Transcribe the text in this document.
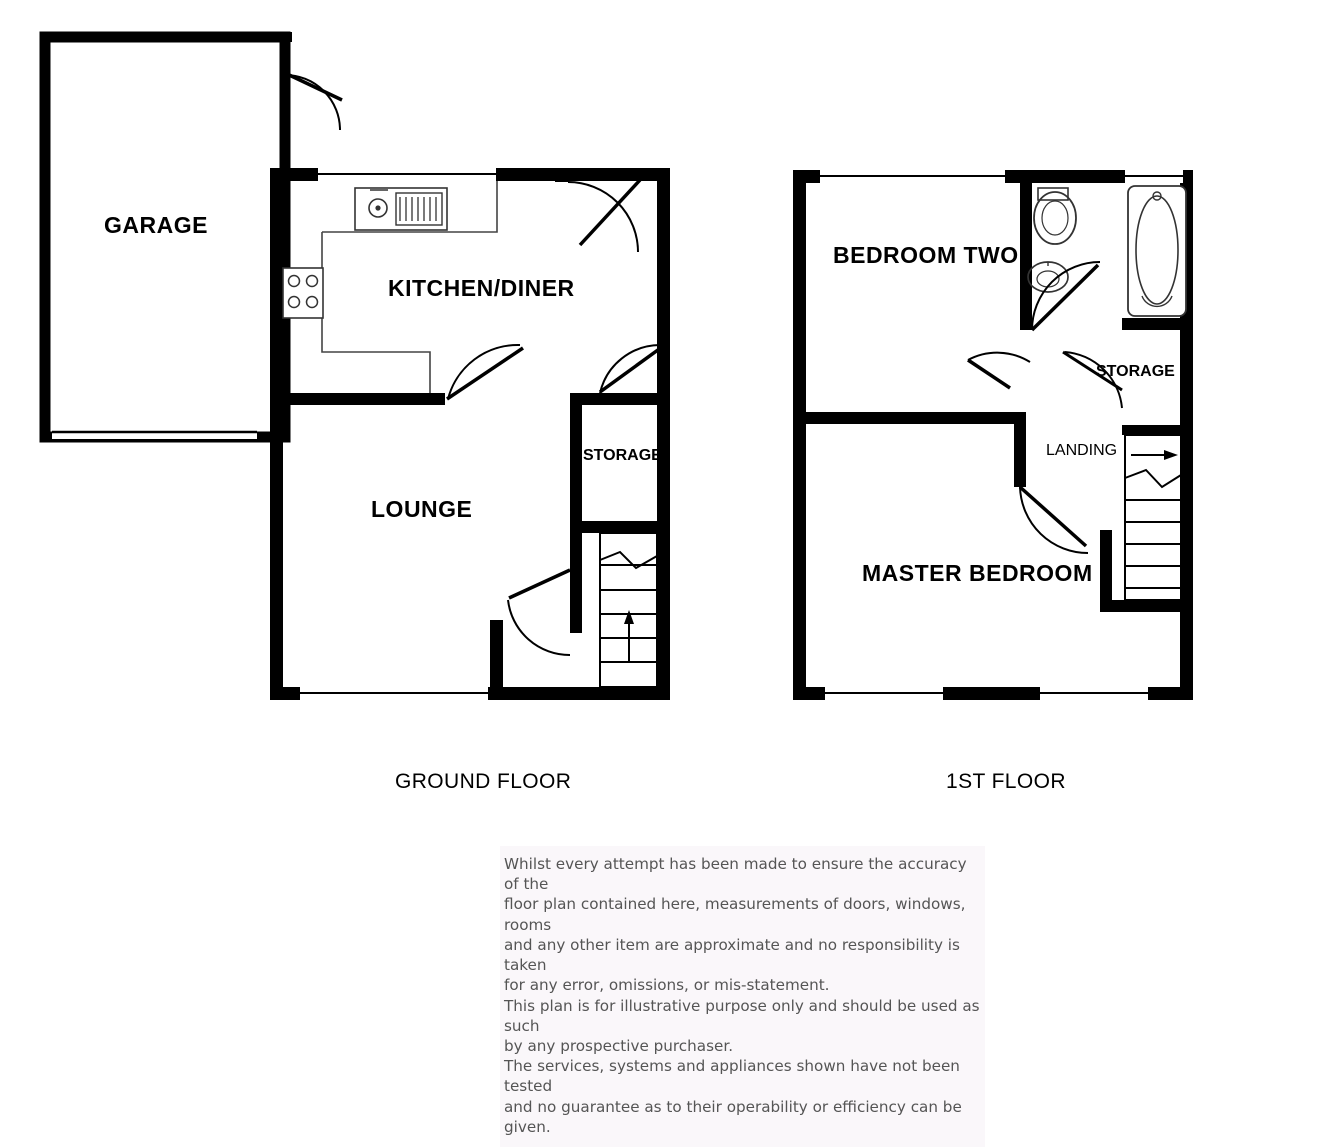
GARAGE
KITCHEN/DINER
LOUNGE
STORAGE
GROUND FLOOR
BEDROOM TWO
MASTER BEDROOM
STORAGE
LANDING
1ST FLOOR

Whilst every attempt has been made to ensure the accuracy of the

floor plan contained here, measurements of doors, windows, rooms

and any other item are approximate and no responsibility is taken

for any error, omissions, or mis-statement.

This plan is for illustrative purpose only and should be used as such

by any prospective purchaser.

The services, systems and appliances shown have not been tested

and no guarantee as to their operability or efficiency can be given.
